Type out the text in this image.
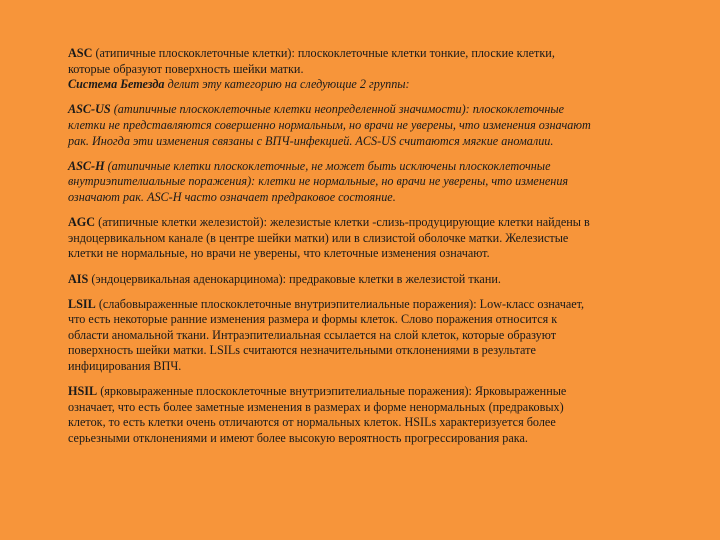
ASC (атипичные плоскоклеточные клетки): плоскоклеточные клетки тонкие, плоские клетки,

которые образуют поверхность шейки матки.

Система Бетезда делит эту категорию на следующие 2 группы:

ASC-US (атипичные плоскоклеточные клетки неопределенной значимости): плоскоклеточные

клетки не представляются совершенно нормальным, но врачи не уверены, что изменения означают

рак. Иногда эти изменения связаны с ВПЧ-инфекцией. ACS-US считаются мягкие аномалии.

ASC-H (атипичные клетки плоскоклеточные, не может быть исключены плоскоклеточные

внутриэпителиальные поражения): клетки не нормальные, но врачи не уверены, что изменения

означают рак. ASC-H часто означает предраковое состояние.

AGC (атипичные клетки железистой): железистые клетки -слизь-продуцирующие клетки найдены в

эндоцервикальном канале (в центре шейки матки) или в слизистой оболочке матки. Железистые

клетки не нормальные, но врачи не уверены, что клеточные изменения означают.

AIS (эндоцервикальная аденокарцинома): предраковые клетки в железистой ткани.

LSIL (слабовыраженные плоскоклеточные внутриэпителиальные поражения): Low-класс означает,

что есть некоторые ранние изменения размера и формы клеток. Слово поражения относится к

области аномальной ткани. Интраэпителиальная ссылается на слой клеток, которые образуют

поверхность шейки матки. LSILs считаются незначительными отклонениями в результате

инфицирования ВПЧ.

HSIL (ярковыраженные плоскоклеточные внутриэпителиальные поражения): Ярковыраженные

означает, что есть более заметные изменения в размерах и форме ненормальных (предраковых)

клеток, то есть клетки очень отличаются от нормальных клеток. HSILs характеризуется более

серьезными отклонениями и имеют более высокую вероятность прогрессирования рака.
